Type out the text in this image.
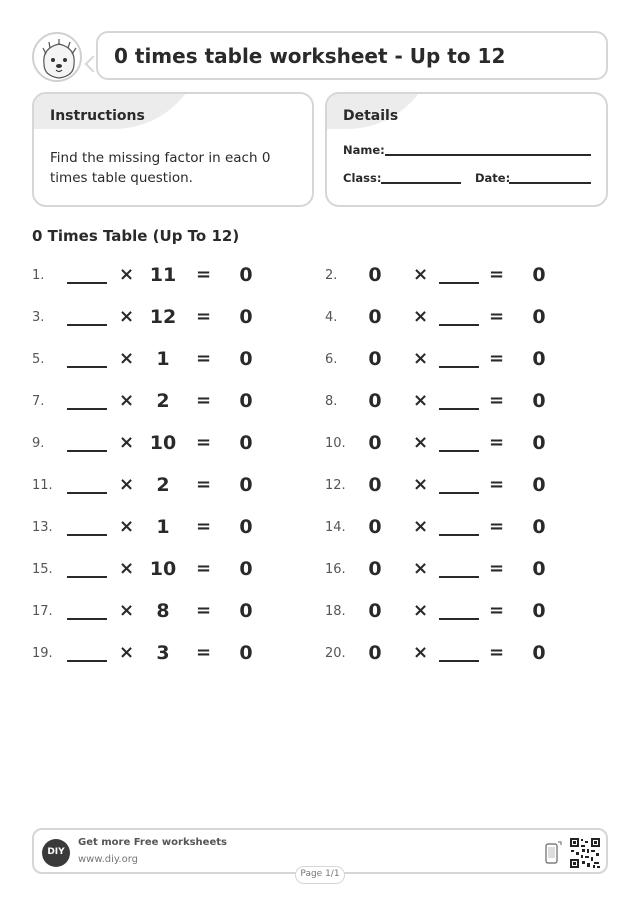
0 times table worksheet - Up to 12
Instructions
Find the missing factor in each 0 times table question.
Details
Name:
Class:	Date:
0 Times Table (Up To 12)
1.	× 11 =	0	2.	0	×	=	0
3.	× 12 =	0	4.	0	×	=	0
5.	×	1	=	0	6.	0	×	=	0
7.	×	2	=	0	8.	0	×	=	0
9.	× 10 =	0	10.	0	×	=	0
11.	×	2	=	0	12.	0	×	=	0
13.	×	1	=	0	14.	0	×	=	0
15.	× 10 =	0	16.	0	×	=	0
17.	×	8	=	0	18.	0	×	=	0
19.	×	3	=	0	20.	0	×	=	0
DIY
Get more Free worksheets
www.diy.org
Page 1/1
